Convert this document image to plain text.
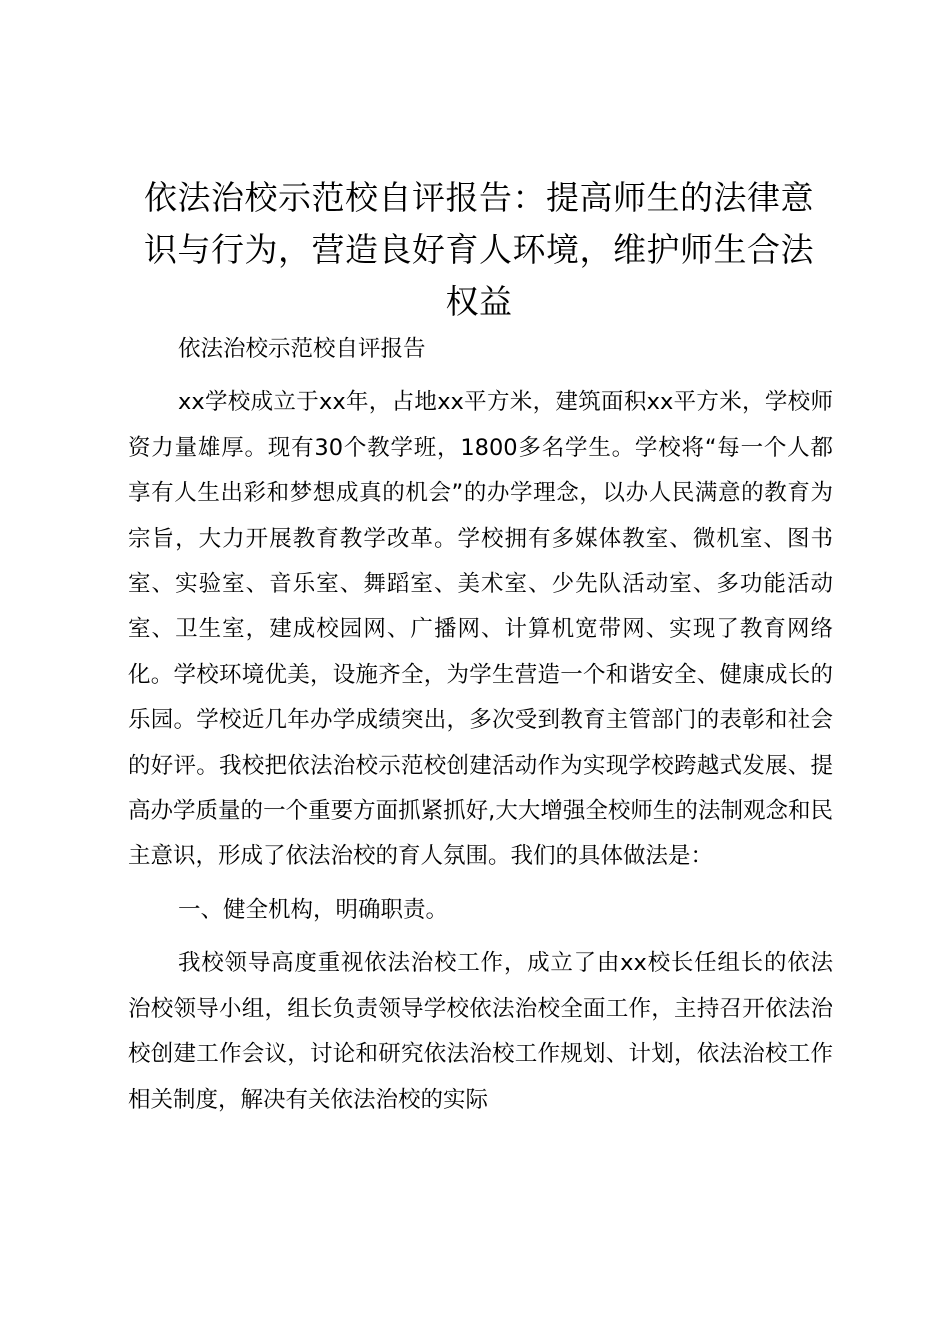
依法治校示范校自评报告：提高师生的法律意识与行为，营造良好育人环境，维护师生合法权益

依法治校示范校自评报告

xx学校成立于xx年，占地xx平方米，建筑面积xx平方米，学校师资力量雄厚。现有30个教学班，1800多名学生。学校将“每一个人都享有人生出彩和梦想成真的机会”的办学理念，以办人民满意的教育为宗旨，大力开展教育教学改革。学校拥有多媒体教室、微机室、图书室、实验室、音乐室、舞蹈室、美术室、少先队活动室、多功能活动室、卫生室，建成校园网、广播网、计算机宽带网、实现了教育网络化。学校环境优美，设施齐全，为学生营造一个和谐安全、健康成长的乐园。学校近几年办学成绩突出，多次受到教育主管部门的表彰和社会的好评。我校把依法治校示范校创建活动作为实现学校跨越式发展、提高办学质量的一个重要方面抓紧抓好,大大增强全校师生的法制观念和民主意识，形成了依法治校的育人氛围。我们的具体做法是：

一、健全机构，明确职责。

我校领导高度重视依法治校工作，成立了由xx校长任组长的依法治校领导小组，组长负责领导学校依法治校全面工作，主持召开依法治校创建工作会议，讨论和研究依法治校工作规划、计划，依法治校工作相关制度，解决有关依法治校的实际
